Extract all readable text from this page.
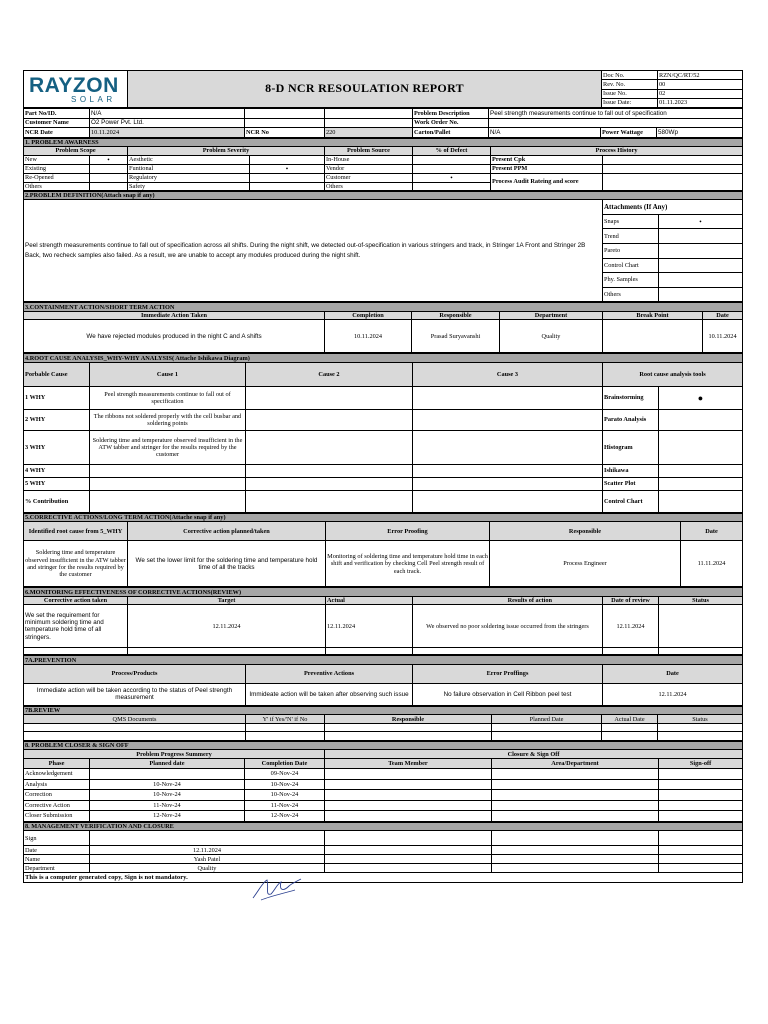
RAYZON
SOLAR	8-D NCR RESOULATION REPORT	Doc No.	RZN/QC/RT/52
		Rev. No.	00
		Issue No.	02
		Issue Date:	01.11.2023
Part No/ID.	N/A			Problem Description	Peel strength measurements continue to fall out of specification		
Customer Name	O2 Power Pvt. Ltd.			Work Order No.			
NCR Date	10.11.2024	NCR No	220	Carton/Pallet	N/A	Power Wattage	580Wp
1. PROBLEM AWARNESS							
Problem Scope		Problem Severity		Problem Source	% of Defect	Process History	
New	•	Aesthetic		In-House		Present Cpk	
Existing		Funtional	•	Vendor		Present PPM	
Re-Opened		Regulatory		Customer	•	Process Audit Rateing and score	
Others		Safety		Others			
2.PROBLEM DEFINITION(Attach snap if any)		
Peel strength measurements continue to fall out of specification across all shifts. During the night shift, we detected out-of-specification in various stringers and track, in Stringer 1A Front and Stringer 2B Back, two recheck samples also failed. As a result, we are unable to accept any modules produced during the night shift.	Attachments (If Any)	
	Snaps	•
	Trend	
	Pareto	
	Control Chart	
	Phy. Samples	
	Others	
3.CONTAINMENT ACTION/SHORT TERM ACTION					
Immediate Action Taken	Completion	Responsible	Department	Break Point	Date
We have rejected modules produced in the night C and A shifts	10.11.2024	Prasad Suryavanshi	Quality		10.11.2024
4.ROOT CAUSE ANALYSIS_WHY-WHY ANALYSIS( Attache Ishikawa Diagram)					
Porbable Cause	Cause 1	Cause 2	Cause 3	Root cause analysis tools	
1 WHY	Peel strength measurements continue to fall out of specification			Brainstorming	●
2 WHY	The ribbons not soldered properly with the cell busbar and soldering points			Parato Analysis	
3 WHY	Soldering time and temperature observed insufficient in the ATW tabber and stringer for the results required by the customer			Histogram	
4 WHY				Ishikawa	
5 WHY				Scatter Plot	
% Contribution				Control Chart	
5.CORRECTIVE ACTIONS/LONG TERM ACTION(Attache snap if any)				
Identified root cause from 5_WHY	Corrective action planned/taken	Error Proofing	Responsible	Date
Soldering time and temperature observed insufficient in the ATW tabber and stringer for the results required by the customer	We set the lower limit for the soldering time and temperature hold time of all the tracks	Monitoring of soldering time and temperature hold time in each shift and verification by checking Cell Peel strength result of each track.	Process Engineer	11.11.2024
6.MONITORING EFFECTIVENESS OF CORRECTIVE ACTIONS(REVIEW)					
Corrective action taken	Target	Actual	Results of action	Date of review	Status
We set the requirement for minimum soldering time and temperature hold time of all stringers.	12.11.2024	12.11.2024	We observed no poor soldering issue occurred from the stringers	12.11.2024	

7A.PREVENTION			
Process/Products	Preventive Actions	Error Proffings	Date
Immediate action will be taken according to the status of Peel strength measurement	Immideate action will be taken after observing such issue	No failure observation in Cell Ribbon peel test	12.11.2024
7B.REVIEW					
QMS Documents	Y' if Yes/'N' if No	Responsible	Planned Date	Actual Date	Status

8. PROBLEM CLOSER & SIGN OFF					
Problem Progress Summery			Closure & Sign Off		
Phase	Planned date	Completion Date	Team Member	Area/Department	Sign-off
Acknowledgement		09-Nov-24			
Analysis	10-Nov-24	10-Nov-24			
Correction	10-Nov-24	10-Nov-24			
Corrective Action	11-Nov-24	11-Nov-24			
Closer Submission	12-Nov-24	12-Nov-24			
8. MANAGEMENT VERIFICATION AND CLOSURE				
Sign				
Date	12.11.2024			
Name	Yash Patel			
Department	Quality			
This is a computer generated copy, Sign is not mandatory.				
